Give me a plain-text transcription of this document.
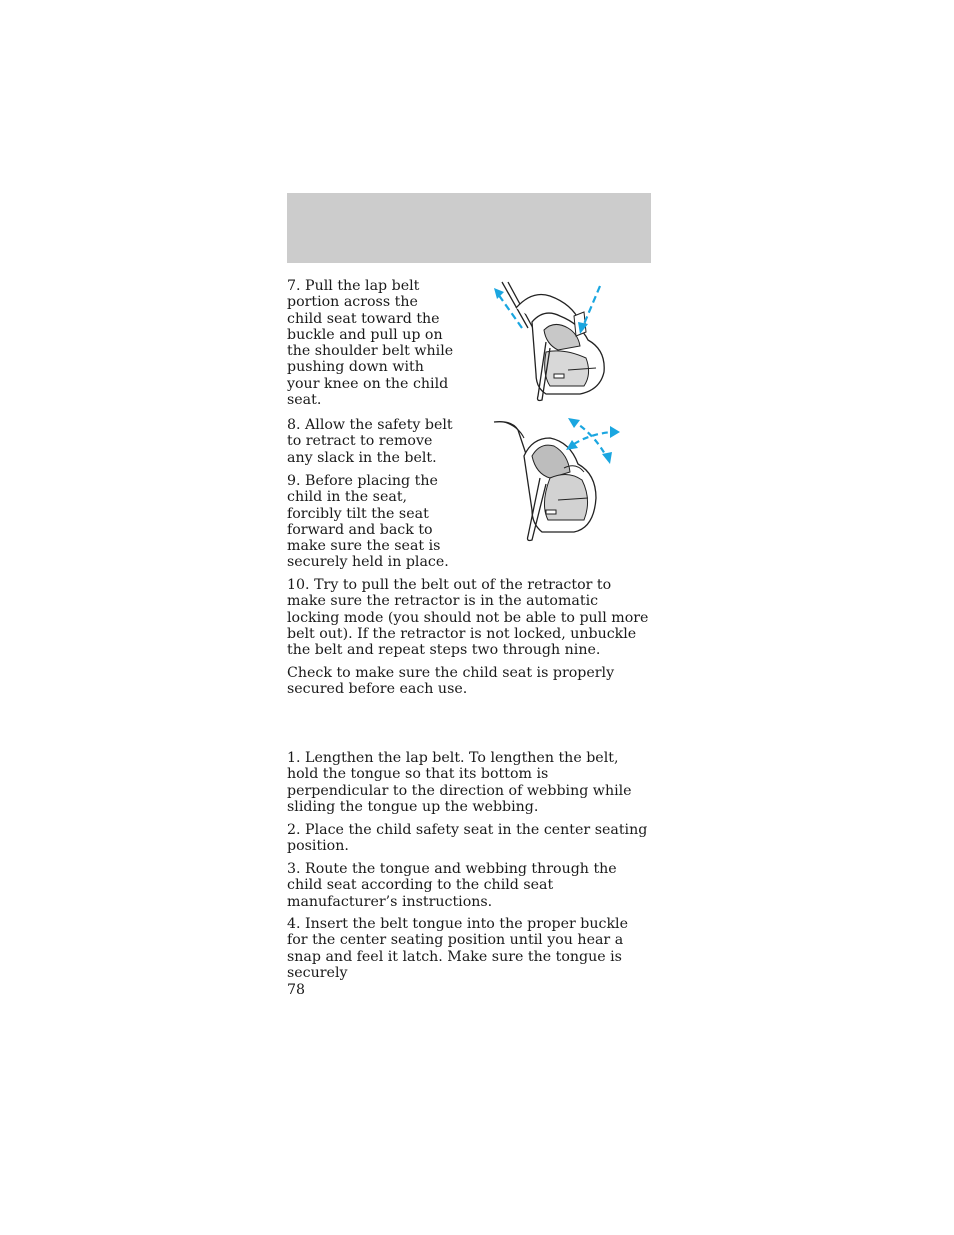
7. Pull the lap belt portion across the child seat toward the buckle and pull up on the shoulder belt while pushing down with your knee on the child seat.

8. Allow the safety belt to retract to remove any slack in the belt.

9. Before placing the child in the seat, forcibly tilt the seat forward and back to make sure the seat is securely held in place.

10. Try to pull the belt out of the retractor to make sure the retractor is in the automatic locking mode (you should not be able to pull more belt out). If the retractor is not locked, unbuckle the belt and repeat steps two through nine.

Check to make sure the child seat is properly secured before each use.

1. Lengthen the lap belt. To lengthen the belt, hold the tongue so that its bottom is perpendicular to the direction of webbing while sliding the tongue up the webbing.

2. Place the child safety seat in the center seating position.

3. Route the tongue and webbing through the child seat according to the child seat manufacturer’s instructions.

4. Insert the belt tongue into the proper buckle for the center seating position until you hear a snap and feel it latch. Make sure the tongue is securely

78
